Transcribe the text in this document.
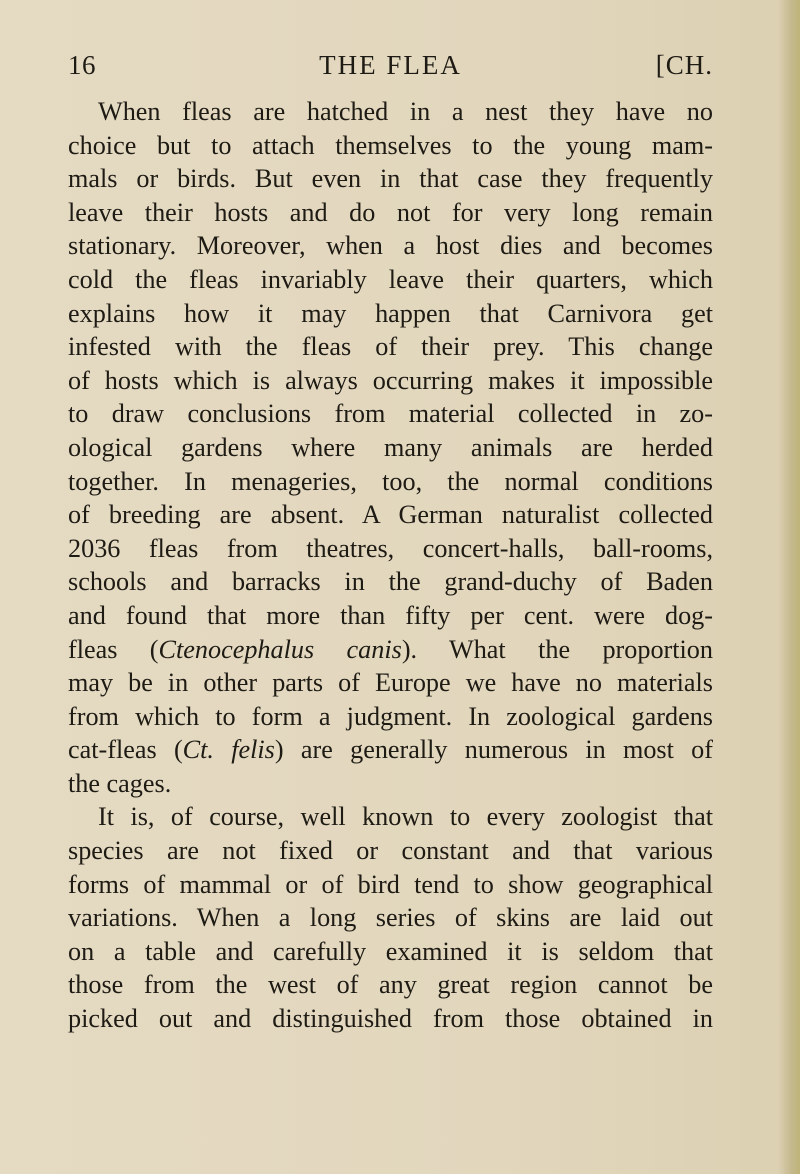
16	THE FLEA	[CH.
When fleas are hatched in a nest they have no
choice but to attach themselves to the young mam-
mals or birds. But even in that case they frequently
leave their hosts and do not for very long remain
stationary. Moreover, when a host dies and becomes
cold the fleas invariably leave their quarters, which
explains how it may happen that Carnivora get
infested with the fleas of their prey. This change
of hosts which is always occurring makes it impossible
to draw conclusions from material collected in zo-
ological gardens where many animals are herded
together. In menageries, too, the normal conditions
of breeding are absent. A German naturalist collected
2036 fleas from theatres, concert-halls, ball-rooms,
schools and barracks in the grand-duchy of Baden
and found that more than fifty per cent. were dog-
fleas (Ctenocephalus canis). What the proportion
may be in other parts of Europe we have no materials
from which to form a judgment. In zoological gardens
cat-fleas (Ct. felis) are generally numerous in most of
the cages.
It is, of course, well known to every zoologist that
species are not fixed or constant and that various
forms of mammal or of bird tend to show geographical
variations. When a long series of skins are laid out
on a table and carefully examined it is seldom that
those from the west of any great region cannot be
picked out and distinguished from those obtained in
